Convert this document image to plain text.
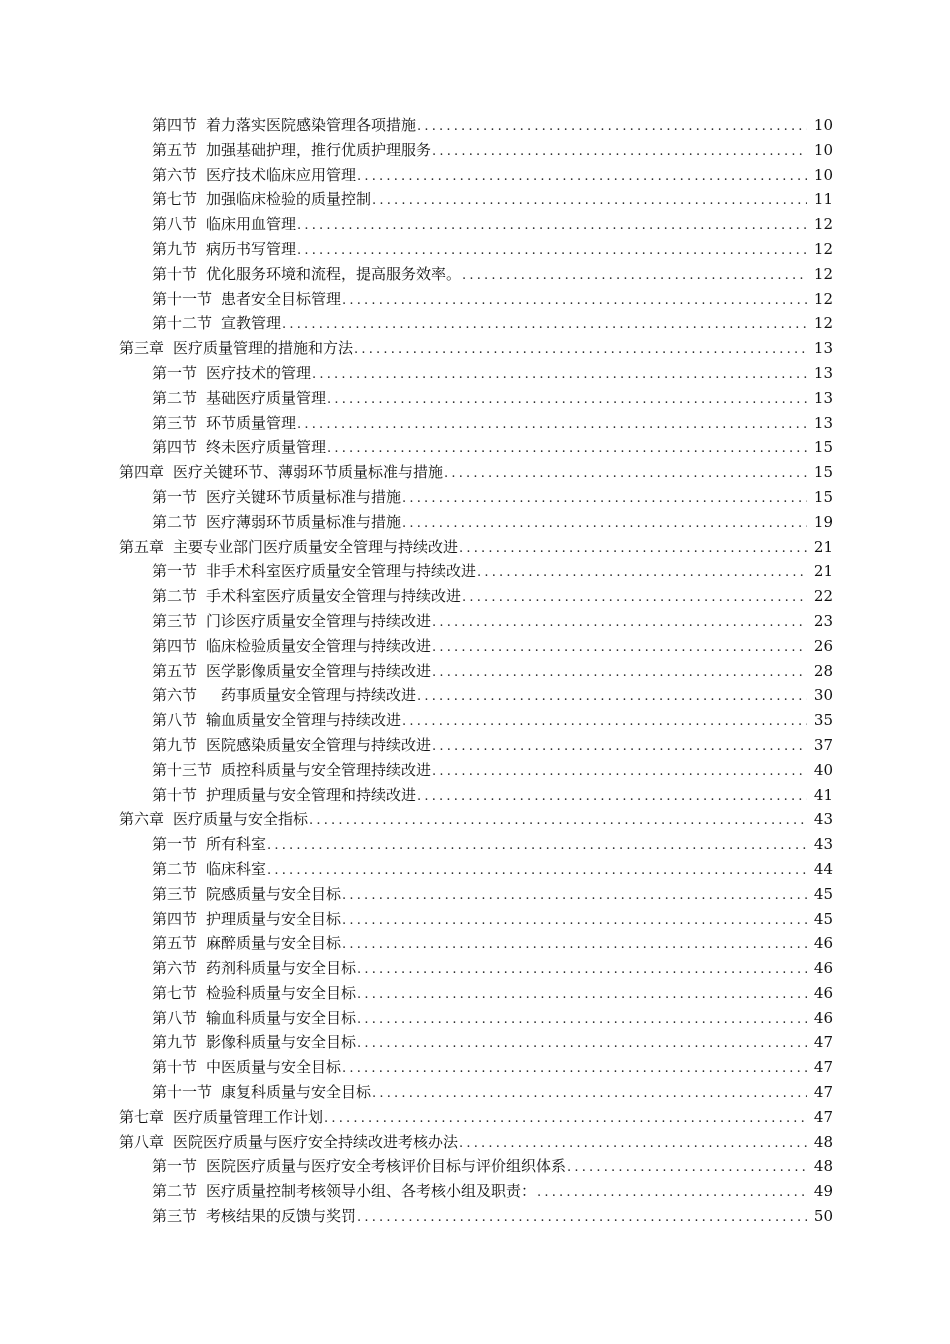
第四节 着力落实医院感染管理各项措施 .....	10
第五节 加强基础护理，推行优质护理服务 .....	10
第六节 医疗技术临床应用管理 .....	10
第七节 加强临床检验的质量控制 .....	11
第八节 临床用血管理 .....	12
第九节 病历书写管理 .....	12
第十节 优化服务环境和流程，提高服务效率。 .....	12
第十一节 患者安全目标管理 .....	12
第十二节 宣教管理 .....	12
第三章 医疗质量管理的措施和方法 .....	13
第一节 医疗技术的管理 .....	13
第二节 基础医疗质量管理 .....	13
第三节 环节质量管理 .....	13
第四节 终未医疗质量管理 .....	15
第四章 医疗关键环节、薄弱环节质量标准与措施 .....	15
第一节 医疗关键环节质量标准与措施 .....	15
第二节 医疗薄弱环节质量标准与措施 .....	19
第五章 主要专业部门医疗质量安全管理与持续改进 .....	21
第一节 非手术科室医疗质量安全管理与持续改进 .....	21
第二节 手术科室医疗质量安全管理与持续改进 .....	22
第三节 门诊医疗质量安全管理与持续改进 .....	23
第四节 临床检验质量安全管理与持续改进 .....	26
第五节 医学影像质量安全管理与持续改进 .....	28
第六节　药事质量安全管理与持续改进 .....	30
第八节 输血质量安全管理与持续改进 .....	35
第九节 医院感染质量安全管理与持续改进 .....	37
第十三节 质控科质量与安全管理持续改进 .....	40
第十节 护理质量与安全管理和持续改进 .....	41
第六章 医疗质量与安全指标 .....	43
第一节 所有科室 .....	43
第二节 临床科室 .....	44
第三节 院感质量与安全目标 .....	45
第四节 护理质量与安全目标 .....	45
第五节 麻醉质量与安全目标 .....	46
第六节 药剂科质量与安全目标 .....	46
第七节 检验科质量与安全目标 .....	46
第八节 输血科质量与安全目标 .....	46
第九节 影像科质量与安全目标 .....	47
第十节 中医质量与安全目标 .....	47
第十一节 康复科质量与安全目标 .....	47
第七章 医疗质量管理工作计划 .....	47
第八章 医院医疗质量与医疗安全持续改进考核办法 .....	48
第一节 医院医疗质量与医疗安全考核评价目标与评价组织体系 .....	48
第二节 医疗质量控制考核领导小组、各考核小组及职责： .....	49
第三节 考核结果的反馈与奖罚 .....	50
